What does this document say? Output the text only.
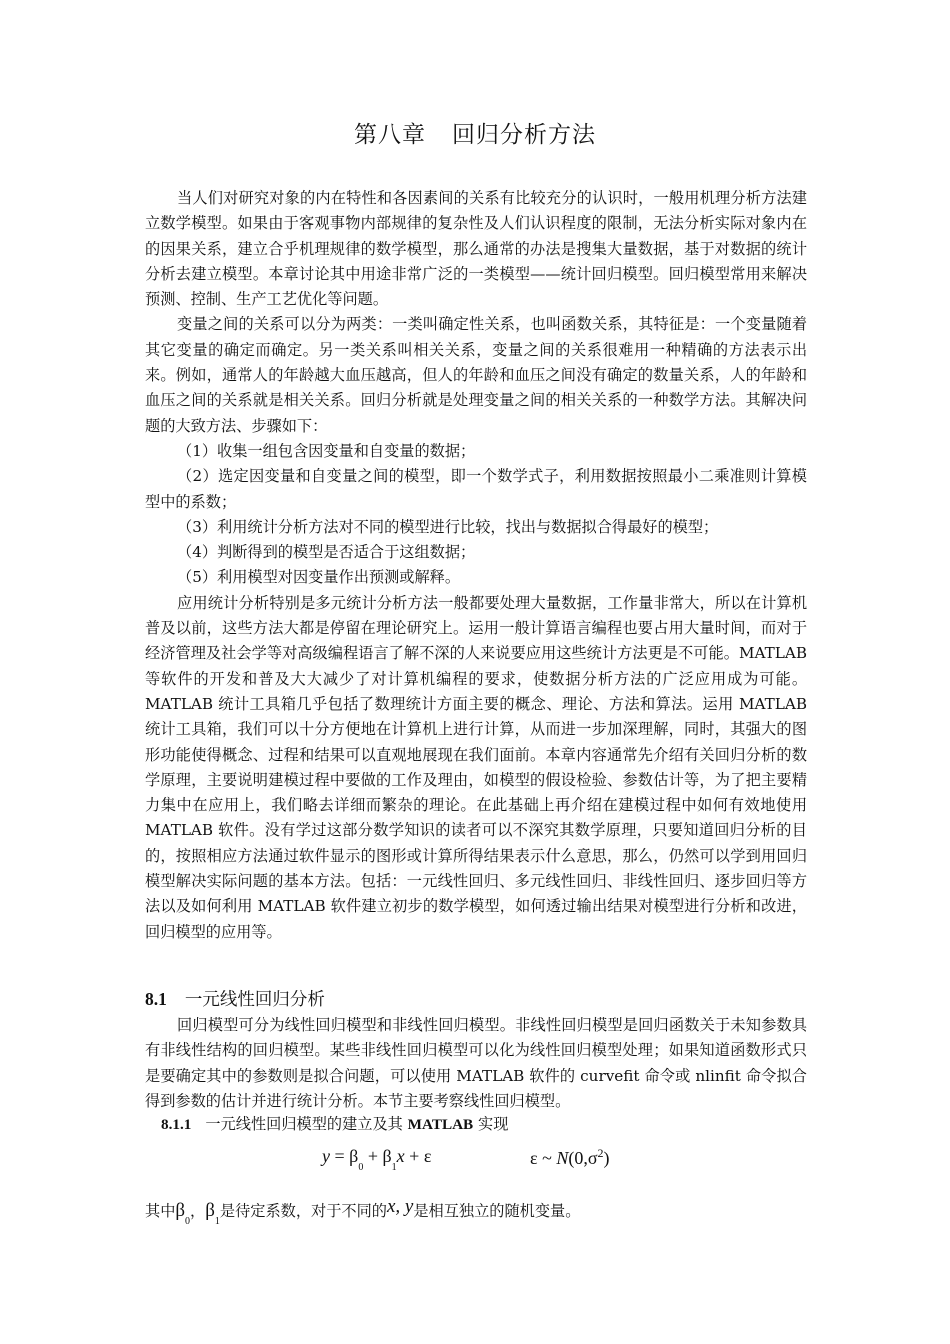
第八章 回归分析方法

当人们对研究对象的内在特性和各因素间的关系有比较充分的认识时，一般用机理分析方法建立数学模型。如果由于客观事物内部规律的复杂性及人们认识程度的限制，无法分析实际对象内在的因果关系，建立合乎机理规律的数学模型，那么通常的办法是搜集大量数据，基于对数据的统计分析去建立模型。本章讨论其中用途非常广泛的一类模型——统计回归模型。回归模型常用来解决预测、控制、生产工艺优化等问题。

变量之间的关系可以分为两类：一类叫确定性关系，也叫函数关系，其特征是：一个变量随着其它变量的确定而确定。另一类关系叫相关关系，变量之间的关系很难用一种精确的方法表示出来。例如，通常人的年龄越大血压越高，但人的年龄和血压之间没有确定的数量关系，人的年龄和血压之间的关系就是相关关系。回归分析就是处理变量之间的相关关系的一种数学方法。其解决问题的大致方法、步骤如下：

（1）收集一组包含因变量和自变量的数据；

（2）选定因变量和自变量之间的模型，即一个数学式子，利用数据按照最小二乘准则计算模型中的系数；

（3）利用统计分析方法对不同的模型进行比较，找出与数据拟合得最好的模型；

（4）判断得到的模型是否适合于这组数据；

（5）利用模型对因变量作出预测或解释。

应用统计分析特别是多元统计分析方法一般都要处理大量数据，工作量非常大，所以在计算机普及以前，这些方法大都是停留在理论研究上。运用一般计算语言编程也要占用大量时间，而对于经济管理及社会学等对高级编程语言了解不深的人来说要应用这些统计方法更是不可能。MATLAB 等软件的开发和普及大大减少了对计算机编程的要求，使数据分析方法的广泛应用成为可能。MATLAB 统计工具箱几乎包括了数理统计方面主要的概念、理论、方法和算法。运用 MATLAB 统计工具箱，我们可以十分方便地在计算机上进行计算，从而进一步加深理解，同时，其强大的图形功能使得概念、过程和结果可以直观地展现在我们面前。本章内容通常先介绍有关回归分析的数学原理，主要说明建模过程中要做的工作及理由，如模型的假设检验、参数估计等，为了把主要精力集中在应用上，我们略去详细而繁杂的理论。在此基础上再介绍在建模过程中如何有效地使用 MATLAB 软件。没有学过这部分数学知识的读者可以不深究其数学原理，只要知道回归分析的目的，按照相应方法通过软件显示的图形或计算所得结果表示什么意思，那么，仍然可以学到用回归模型解决实际问题的基本方法。包括：一元线性回归、多元线性回归、非线性回归、逐步回归等方法以及如何利用 MATLAB 软件建立初步的数学模型，如何透过输出结果对模型进行分析和改进，回归模型的应用等。

8.1 一元线性回归分析

回归模型可分为线性回归模型和非线性回归模型。非线性回归模型是回归函数关于未知参数具有非线性结构的回归模型。某些非线性回归模型可以化为线性回归模型处理；如果知道函数形式只是要确定其中的参数则是拟合问题，可以使用 MATLAB 软件的 curvefit 命令或 nlinfit 命令拟合得到参数的估计并进行统计分析。本节主要考察线性回归模型。

8.1.1 一元线性回归模型的建立及其 MATLAB 实现
$y = \beta_0 + \beta_1x + \varepsilon$	ε ~ $N(0,\sigma^2)$
其中$\beta_0$，$\beta_1$是待定系数，对于不同的x, y是相互独立的随机变量。
